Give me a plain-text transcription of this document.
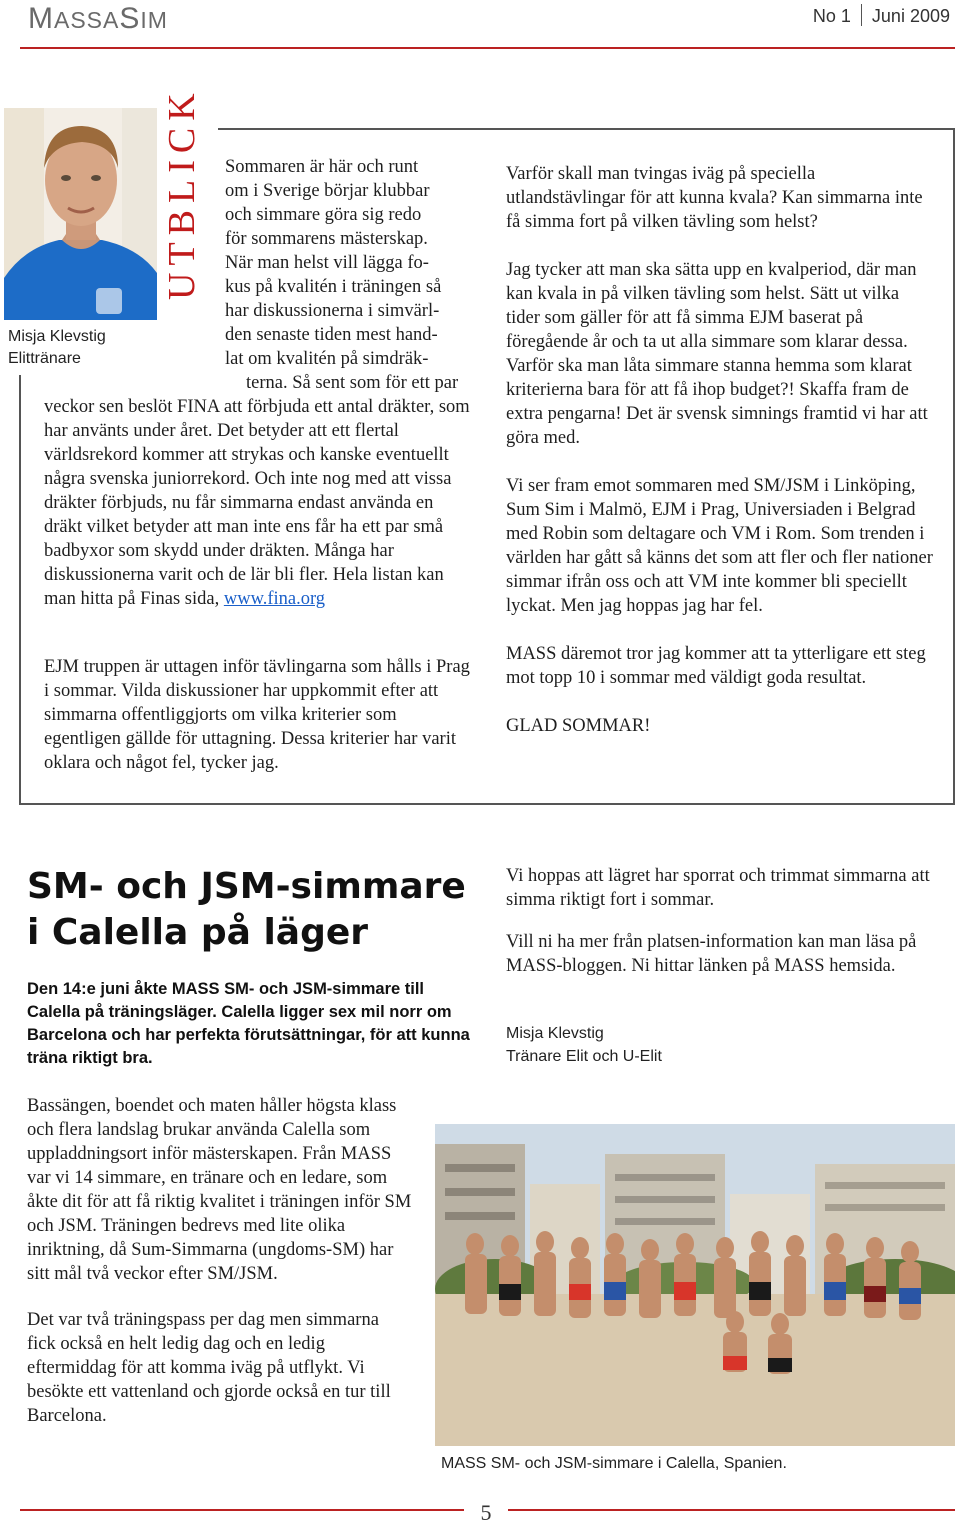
MASSASIM	No 1 Juni 2009
UTBLICK
Misja Klevstig
Elittränare
Sommaren är här och runt
om i Sverige börjar klubbar
och simmare göra sig redo
för sommarens mästerskap.
När man helst vill lägga fo-
kus på kvalitén i träningen så
har diskussionerna i simvärl-
den senaste tiden mest hand-
lat om kvalitén på simdräk-
terna. Så sent som för ett par
veckor sen beslöt FINA att förbjuda ett antal dräkter, som har använts under året. Det betyder att ett flertal världsrekord kommer att strykas och kanske eventuellt några svenska juniorrekord. Och inte nog med att vissa dräkter förbjuds, nu får simmarna endast använda en dräkt vilket betyder att man inte ens får ha ett par små badbyxor som skydd under dräkten. Många har diskussionerna varit och de lär bli fler. Hela listan kan man hitta på Finas sida, www.fina.org
EJM truppen är uttagen inför tävlingarna som hålls i Prag i sommar. Vilda diskussioner har uppkommit efter att simmarna offentliggjorts om vilka kriterier som egentligen gällde för uttagning. Dessa kriterier har varit oklara och något fel, tycker jag.

Varför skall man tvingas iväg på speciella utlandstävlingar för att kunna kvala? Kan simmarna inte få simma fort på vilken tävling som helst?

Jag tycker att man ska sätta upp en kvalperiod, där man kan kvala in på vilken tävling som helst. Sätt ut vilka tider som gäller för att få simma EJM baserat på föregående år och ta ut alla simmare som klarar dessa. Varför ska man låta simmare stanna hemma som klarat kriterierna bara för att få ihop budget?! Skaffa fram de extra pengarna! Det är svensk simnings framtid vi har att göra med.

Vi ser fram emot sommaren med SM/JSM i Linköping, Sum Sim i Malmö, EJM i Prag, Universiaden i Belgrad med Robin som deltagare och VM i Rom. Som trenden i världen har gått så känns det som att fler och fler nationer simmar ifrån oss och att VM inte kommer bli speciellt lyckat. Men jag hoppas jag har fel.

MASS däremot tror jag kommer att ta ytterligare ett steg mot topp 10 i sommar med väldigt goda resultat.

GLAD SOMMAR!

SM- och JSM-simmare i Calella på läger
Den 14:e juni åkte MASS SM- och JSM-simmare till Calella på träningsläger. Calella ligger sex mil norr om Barcelona och har perfekta förutsättningar, för att kunna träna riktigt bra.

Bassängen, boendet och maten håller högsta klass och flera landslag brukar använda Calella som uppladdningsort inför mästerskapen. Från MASS var vi 14 simmare, en tränare och en ledare, som åkte dit för att få riktig kvalitet i träningen inför SM och JSM. Träningen bedrevs med lite olika inriktning, då Sum-Simmarna (ungdoms-SM) har sitt mål två veckor efter SM/JSM.

Det var två träningspass per dag men simmarna fick också en helt ledig dag och en ledig eftermiddag för att komma iväg på utflykt. Vi besökte ett vattenland och gjorde också en tur till Barcelona.

Vi hoppas att lägret har sporrat och trimmat simmarna att simma riktigt fort i sommar.

Vill ni ha mer från platsen-information kan man läsa på MASS-bloggen. Ni hittar länken på MASS hemsida.

Misja Klevstig
Tränare Elit och U-Elit
MASS SM- och JSM-simmare i Calella, Spanien.
5
